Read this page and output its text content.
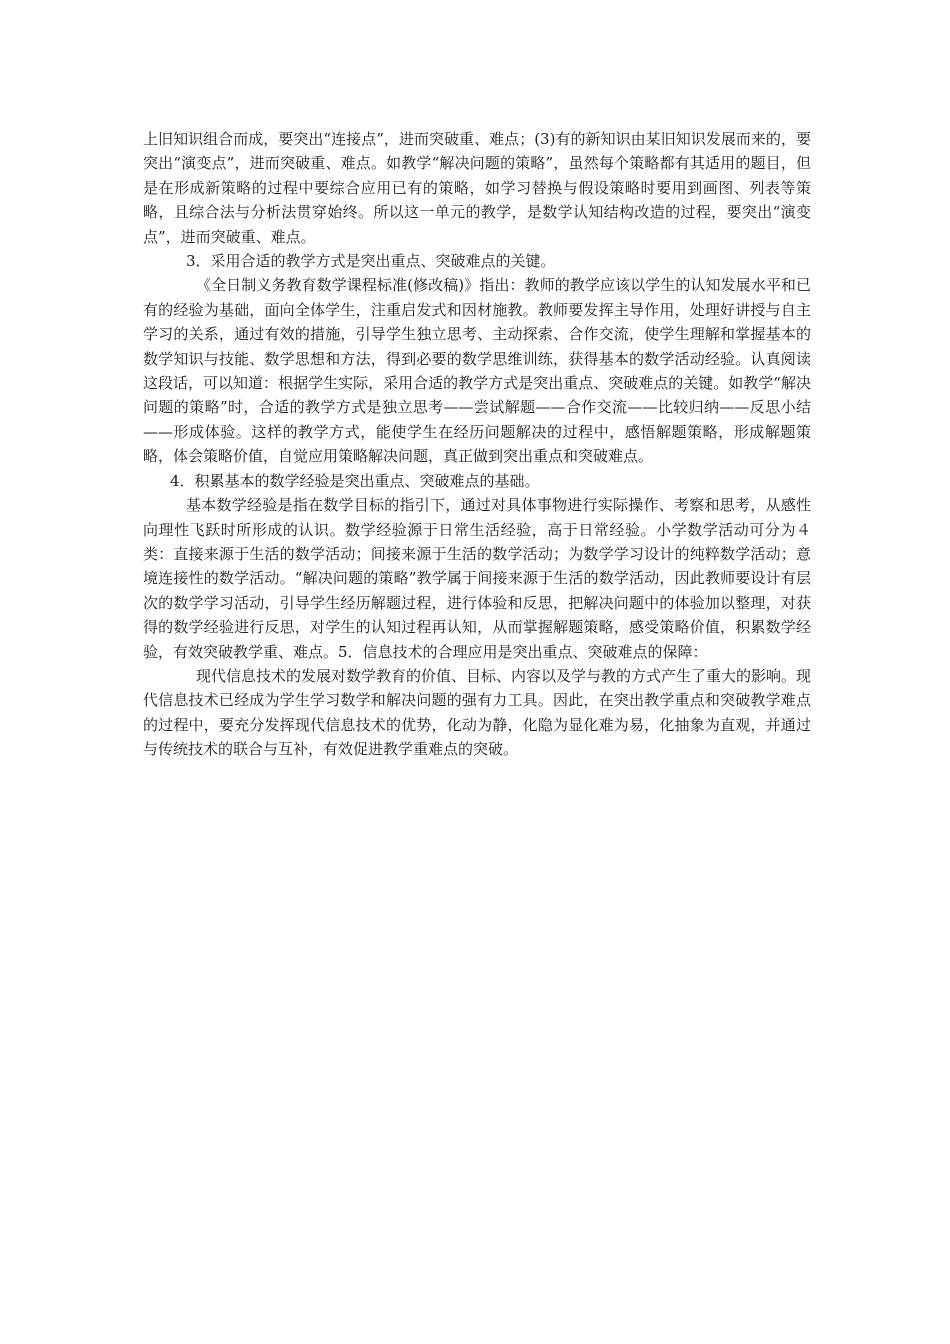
上旧知识组合而成，要突出“连接点”，进而突破重、难点；(3)有的新知识由某旧知识发展而来的，要突出“演变点”，进而突破重、难点。如教学“解决问题的策略”，虽然每个策略都有其适用的题目，但是在形成新策略的过程中要综合应用已有的策略，如学习替换与假设策略时要用到画图、列表等策略，且综合法与分析法贯穿始终。所以这一单元的教学，是数学认知结构改造的过程，要突出“演变点”，进而突破重、难点。

3．采用合适的教学方式是突出重点、突破难点的关键。

《全日制义务教育数学课程标准(修改稿)》指出：教师的教学应该以学生的认知发展水平和已有的经验为基础，面向全体学生，注重启发式和因材施教。教师要发挥主导作用，处理好讲授与自主学习的关系，通过有效的措施，引导学生独立思考、主动探索、合作交流，使学生理解和掌握基本的数学知识与技能、数学思想和方法，得到必要的数学思维训练，获得基本的数学活动经验。认真阅读这段话，可以知道：根据学生实际，采用合适的教学方式是突出重点、突破难点的关键。如教学“解决问题的策略”时，合适的教学方式是独立思考——尝试解题——合作交流——比较归纳——反思小结——形成体验。这样的教学方式，能使学生在经历问题解决的过程中，感悟解题策略，形成解题策略，体会策略价值，自觉应用策略解决问题，真正做到突出重点和突破难点。

4．积累基本的数学经验是突出重点、突破难点的基础。

基本数学经验是指在数学目标的指引下，通过对具体事物进行实际操作、考察和思考，从感性向理性飞跃时所形成的认识。数学经验源于日常生活经验，高于日常经验。小学数学活动可分为４类：直接来源于生活的数学活动；间接来源于生活的数学活动；为数学学习设计的纯粹数学活动；意境连接性的数学活动。“解决问题的策略”教学属于间接来源于生活的数学活动，因此教师要设计有层次的数学学习活动，引导学生经历解题过程，进行体验和反思，把解决问题中的体验加以整理，对获得的数学经验进行反思，对学生的认知过程再认知，从而掌握解题策略，感受策略价值，积累数学经验，有效突破教学重、难点。5．信息技术的合理应用是突出重点、突破难点的保障：

现代信息技术的发展对数学教育的价值、目标、内容以及学与教的方式产生了重大的影响。现代信息技术已经成为学生学习数学和解决问题的强有力工具。因此，在突出教学重点和突破教学难点的过程中，要充分发挥现代信息技术的优势，化动为静，化隐为显化难为易，化抽象为直观，并通过与传统技术的联合与互补，有效促进教学重难点的突破。
